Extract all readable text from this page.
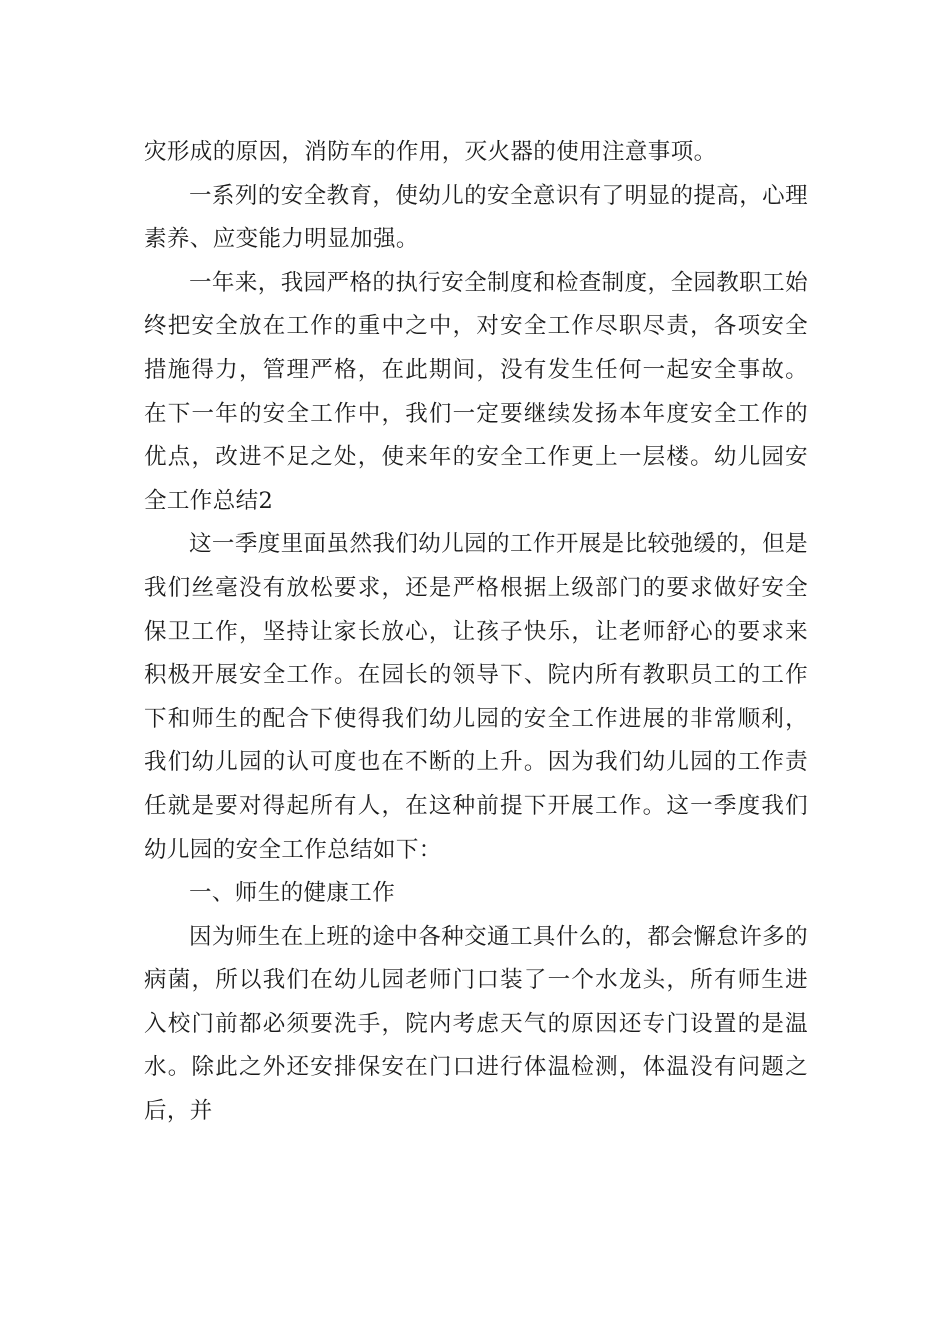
灾形成的原因，消防车的作用，灭火器的使用注意事项。

一系列的安全教育，使幼儿的安全意识有了明显的提高，心理素养、应变能力明显加强。

一年来，我园严格的执行安全制度和检查制度，全园教职工始终把安全放在工作的重中之中，对安全工作尽职尽责，各项安全措施得力，管理严格，在此期间，没有发生任何一起安全事故。在下一年的安全工作中，我们一定要继续发扬本年度安全工作的优点，改进不足之处，使来年的安全工作更上一层楼。幼儿园安全工作总结2

这一季度里面虽然我们幼儿园的工作开展是比较弛缓的，但是我们丝毫没有放松要求，还是严格根据上级部门的要求做好安全保卫工作，坚持让家长放心，让孩子快乐，让老师舒心的要求来积极开展安全工作。在园长的领导下、院内所有教职员工的工作下和师生的配合下使得我们幼儿园的安全工作进展的非常顺利，我们幼儿园的认可度也在不断的上升。因为我们幼儿园的工作责任就是要对得起所有人，在这种前提下开展工作。这一季度我们幼儿园的安全工作总结如下：

一、师生的健康工作

因为师生在上班的途中各种交通工具什么的，都会懈怠许多的病菌，所以我们在幼儿园老师门口装了一个水龙头，所有师生进入校门前都必须要洗手，院内考虑天气的原因还专门设置的是温水。除此之外还安排保安在门口进行体温检测，体温没有问题之后，并
